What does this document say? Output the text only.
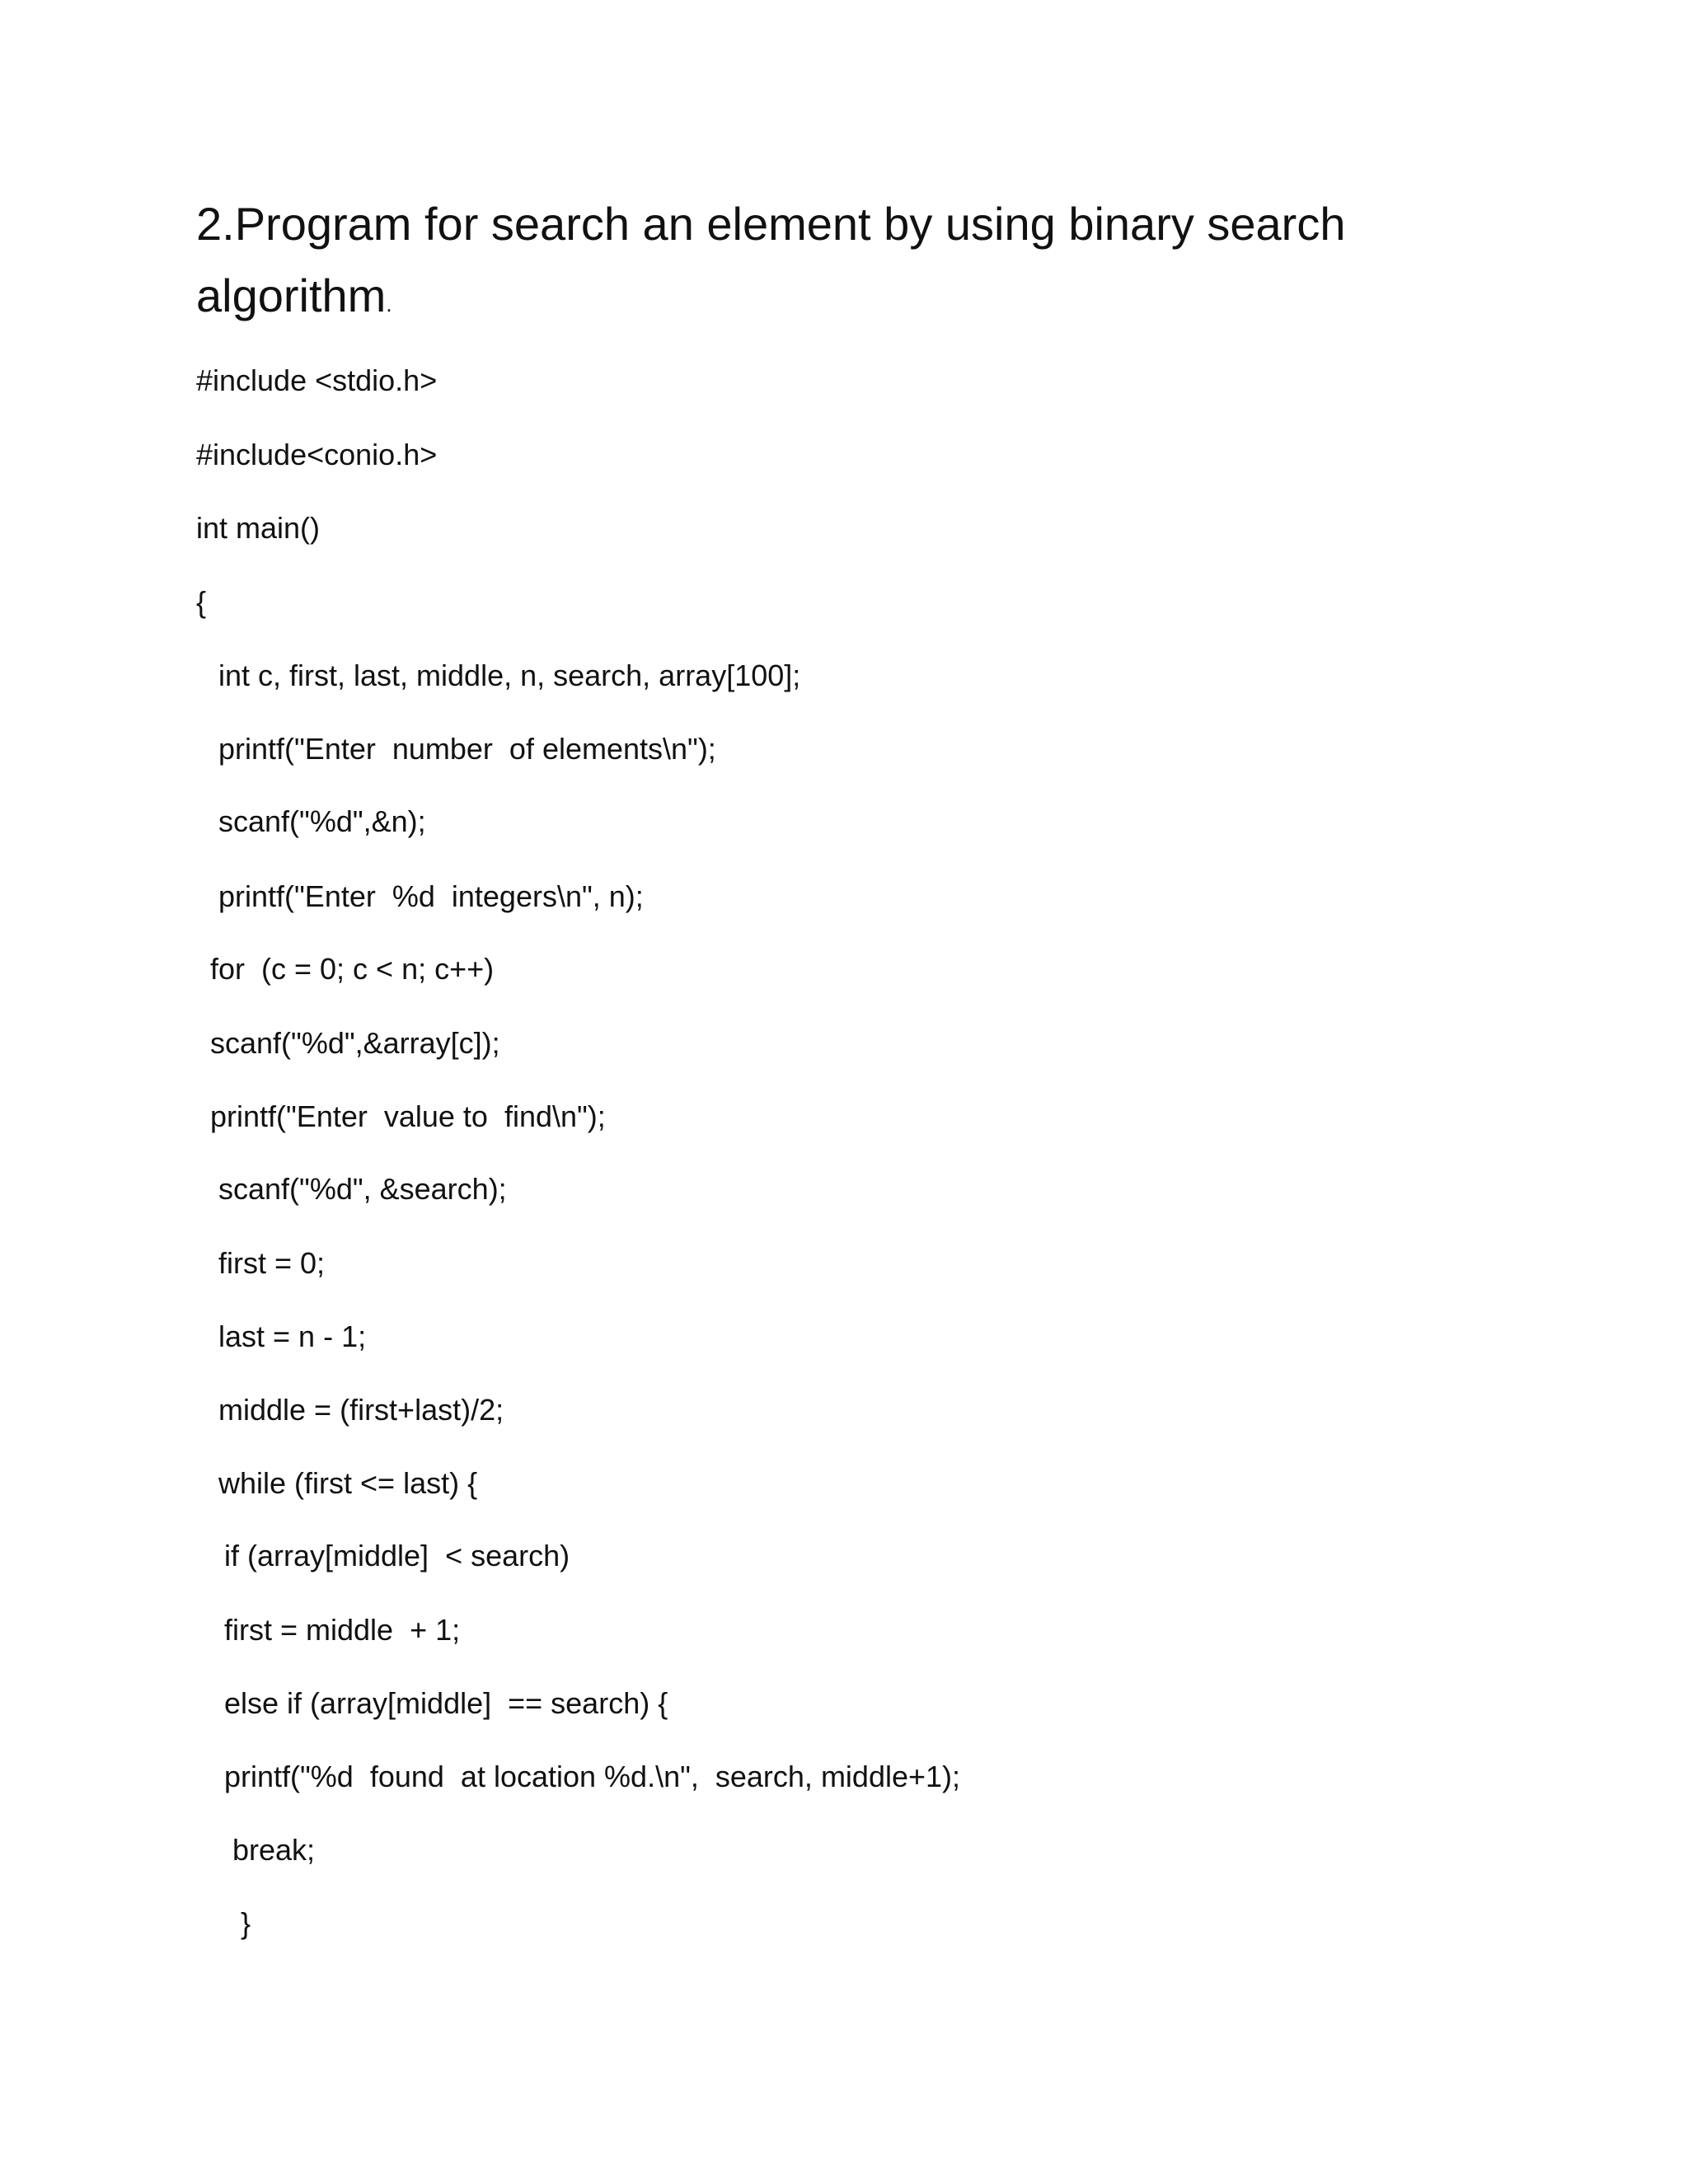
2.Program for search an element by using binary search
algorithm.
#include <stdio.h>
#include<conio.h>
int main()
{
int c, first, last, middle, n, search, array[100];
printf("Enter  number  of elements\n");
scanf("%d",&n);
printf("Enter  %d  integers\n", n);
for  (c = 0; c < n; c++)
scanf("%d",&array[c]);
printf("Enter  value to  find\n");
scanf("%d", &search);
first = 0;
last = n - 1;
middle = (first+last)/2;
while (first <= last) {
if (array[middle]  < search)
first = middle  + 1;
else if (array[middle]  == search) {
printf("%d  found  at location %d.\n",  search, middle+1);
break;
}
